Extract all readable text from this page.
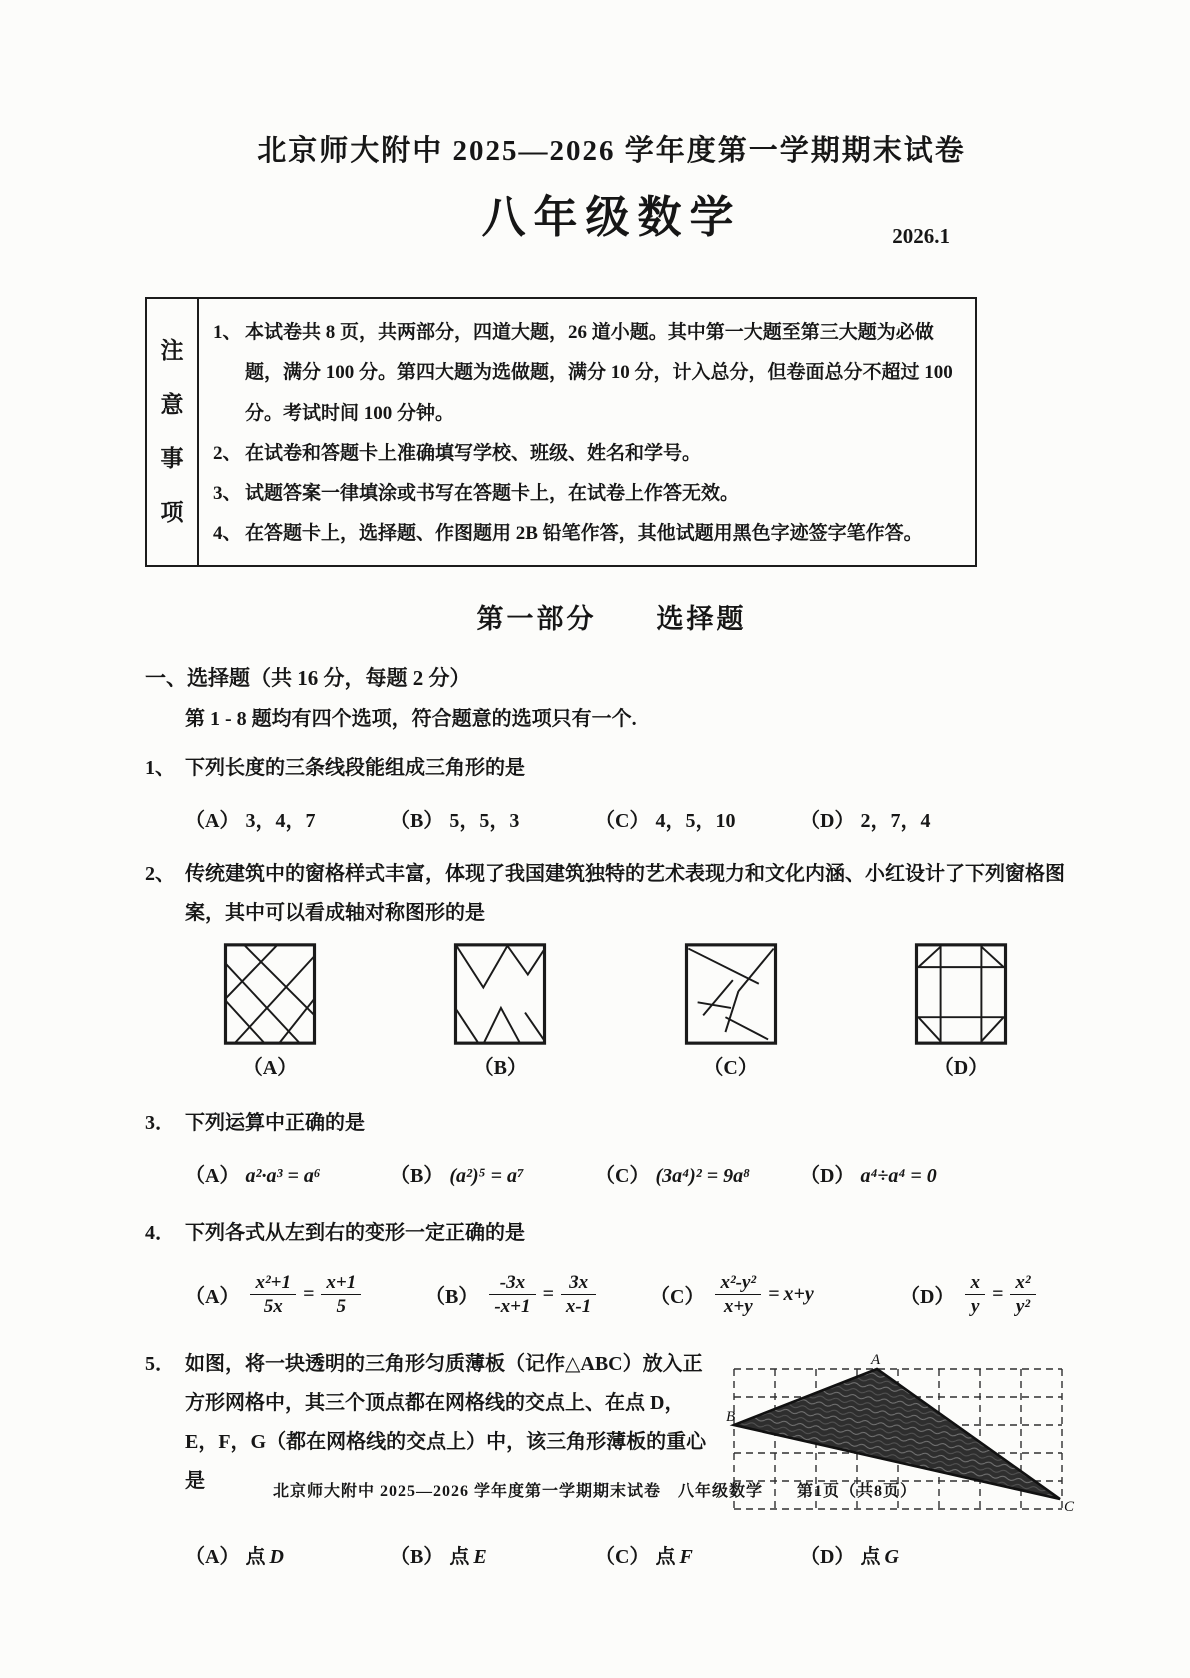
北京师大附中 2025—2026 学年度第一学期期末试卷
八年级数学	2026.1
注意事项
1、 本试卷共 8 页，共两部分，四道大题，26 道小题。其中第一大题至第三大题为必做题，满分 100 分。第四大题为选做题，满分 10 分，计入总分，但卷面总分不超过 100 分。考试时间 100 分钟。
2、 在试卷和答题卡上准确填写学校、班级、姓名和学号。
3、 试题答案一律填涂或书写在答题卡上，在试卷上作答无效。
4、 在答题卡上，选择题、作图题用 2B 铅笔作答，其他试题用黑色字迹签字笔作答。
第一部分　　选择题
一、选择题（共 16 分，每题 2 分）
第 1 - 8 题均有四个选项，符合题意的选项只有一个.
1、 下列长度的三条线段能组成三角形的是
（A） 3，4，7	（B） 5，5，3	（C） 4，5，10	（D） 2，7，4
2、 传统建筑中的窗格样式丰富，体现了我国建筑独特的艺术表现力和文化内涵、小红设计了下列窗格图案，其中可以看成轴对称图形的是
（A）	（B）	（C）	（D）
3． 下列运算中正确的是
（A） a²·a³ = a⁶	（B） (a²)⁵ = a⁷	（C） (3a⁴)² = 9a⁸	（D） a⁴÷a⁴ = 0
4． 下列各式从左到右的变形一定正确的是
$(A) \frac{\text{x²+1}}{5x} = \frac{x+1}{5}$	$(B) \frac{-3x}{-x+1} = \frac{3x}{x-1}$	$(C) \frac{\text{x²-y²}}{x+y} = x+y$	$(D) \frac{x}{y} = \frac{\text{x²}}{\text{y²}}$
5． 如图，将一块透明的三角形匀质薄板（记作△ABC）放入正方形网格中，其三个顶点都在网格线的交点上、在点 D，E，F，G（都在网格线的交点上）中，该三角形薄板的重心是
A
B
C
（A） 点 D	（B） 点 E	（C） 点 F	（D） 点 G
北京师大附中 2025—2026 学年度第一学期期末试卷　八年级数学　　第1页（共8页）
